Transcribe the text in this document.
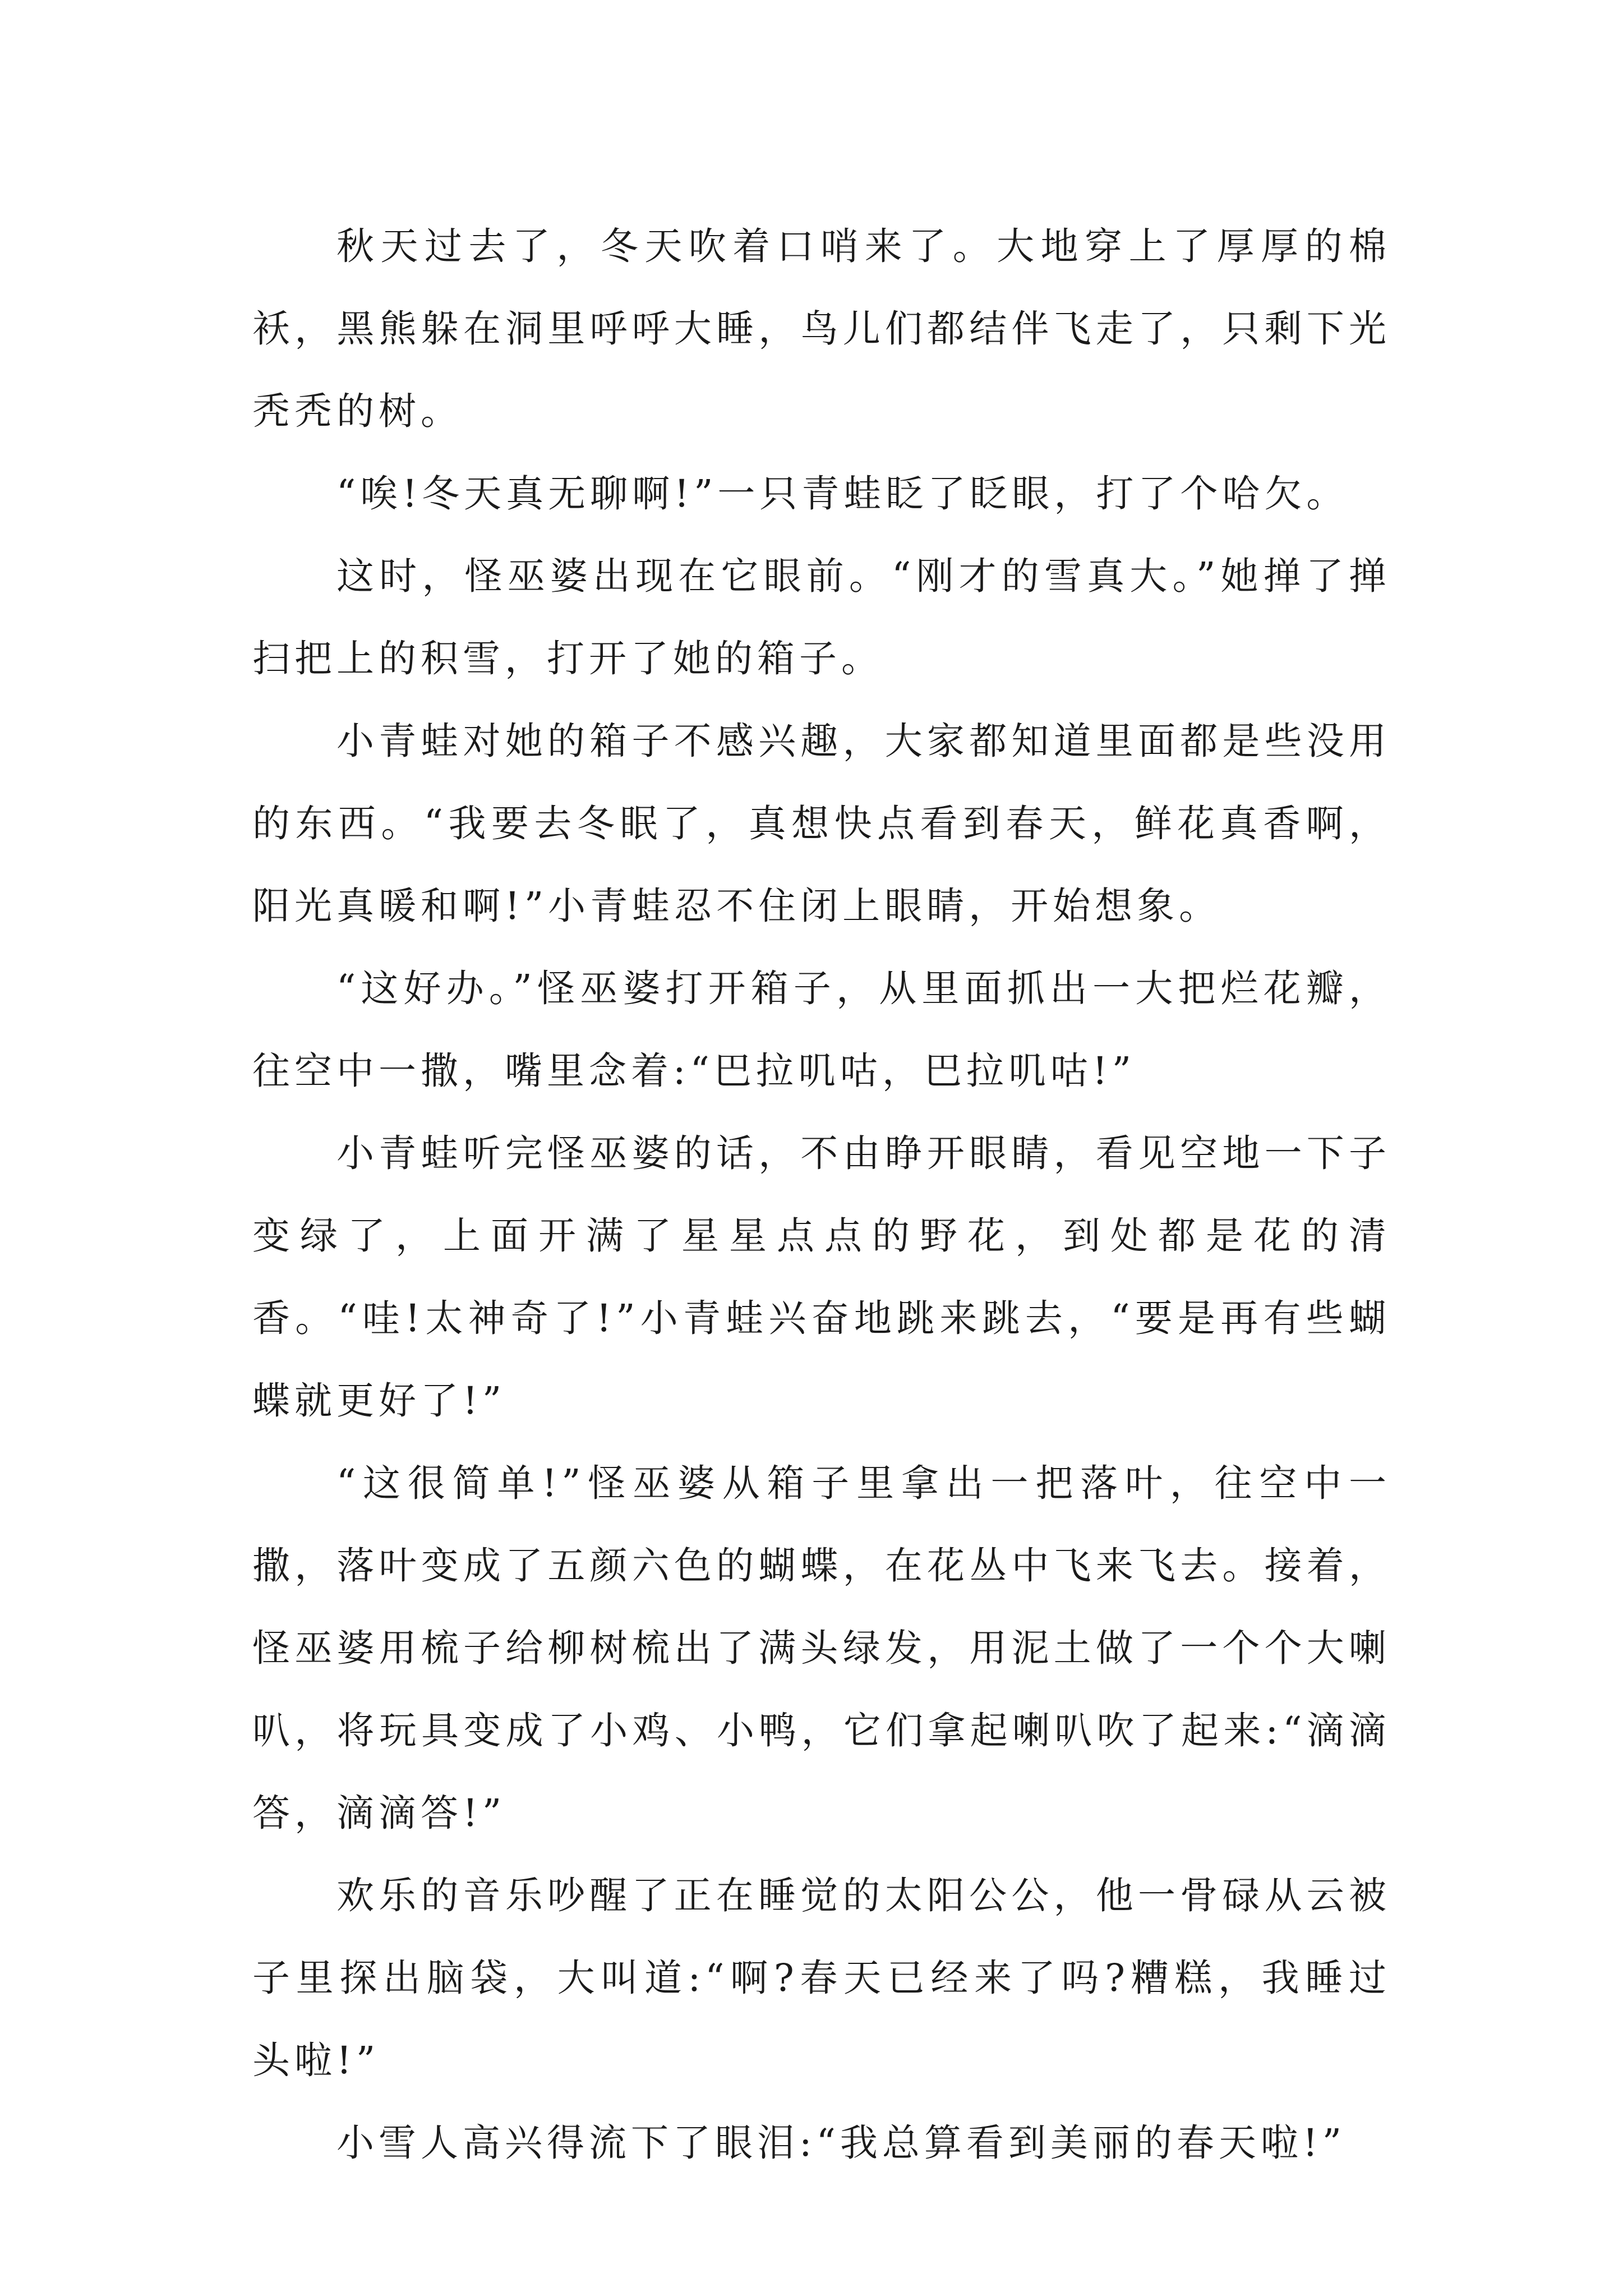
秋天过去了，冬天吹着口哨来了。大地穿上了厚厚的棉袄，黑熊躲在洞里呼呼大睡，鸟儿们都结伴飞走了，只剩下光秃秃的树。

“唉!冬天真无聊啊!”一只青蛙眨了眨眼，打了个哈欠。

这时，怪巫婆出现在它眼前。“刚才的雪真大。”她掸了掸扫把上的积雪，打开了她的箱子。

小青蛙对她的箱子不感兴趣，大家都知道里面都是些没用的东西。“我要去冬眠了，真想快点看到春天，鲜花真香啊，阳光真暖和啊!”小青蛙忍不住闭上眼睛，开始想象。

“这好办。”怪巫婆打开箱子，从里面抓出一大把烂花瓣，往空中一撒，嘴里念着:“巴拉叽咕，巴拉叽咕!”

小青蛙听完怪巫婆的话，不由睁开眼睛，看见空地一下子变绿了，上面开满了星星点点的野花，到处都是花的清香。“哇!太神奇了!”小青蛙兴奋地跳来跳去，“要是再有些蝴蝶就更好了!”

“这很简单!”怪巫婆从箱子里拿出一把落叶，往空中一撒，落叶变成了五颜六色的蝴蝶，在花丛中飞来飞去。接着，怪巫婆用梳子给柳树梳出了满头绿发，用泥土做了一个个大喇叭，将玩具变成了小鸡、小鸭，它们拿起喇叭吹了起来:“滴滴答，滴滴答!”

欢乐的音乐吵醒了正在睡觉的太阳公公，他一骨碌从云被子里探出脑袋，大叫道:“啊?春天已经来了吗?糟糕，我睡过头啦!”

小雪人高兴得流下了眼泪:“我总算看到美丽的春天啦!”
